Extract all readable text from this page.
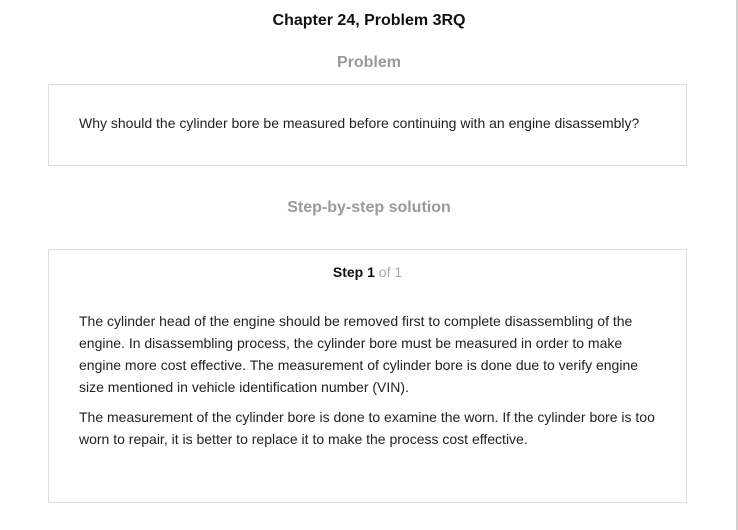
Chapter 24, Problem 3RQ
Problem
Why should the cylinder bore be measured before continuing with an engine disassembly?
Step-by-step solution
Step 1 of 1

The cylinder head of the engine should be removed first to complete disassembling of the engine. In disassembling process, the cylinder bore must be measured in order to make engine more cost effective. The measurement of cylinder bore is done due to verify engine size mentioned in vehicle identification number (VIN).

The measurement of the cylinder bore is done to examine the worn. If the cylinder bore is too worn to repair, it is better to replace it to make the process cost effective.
